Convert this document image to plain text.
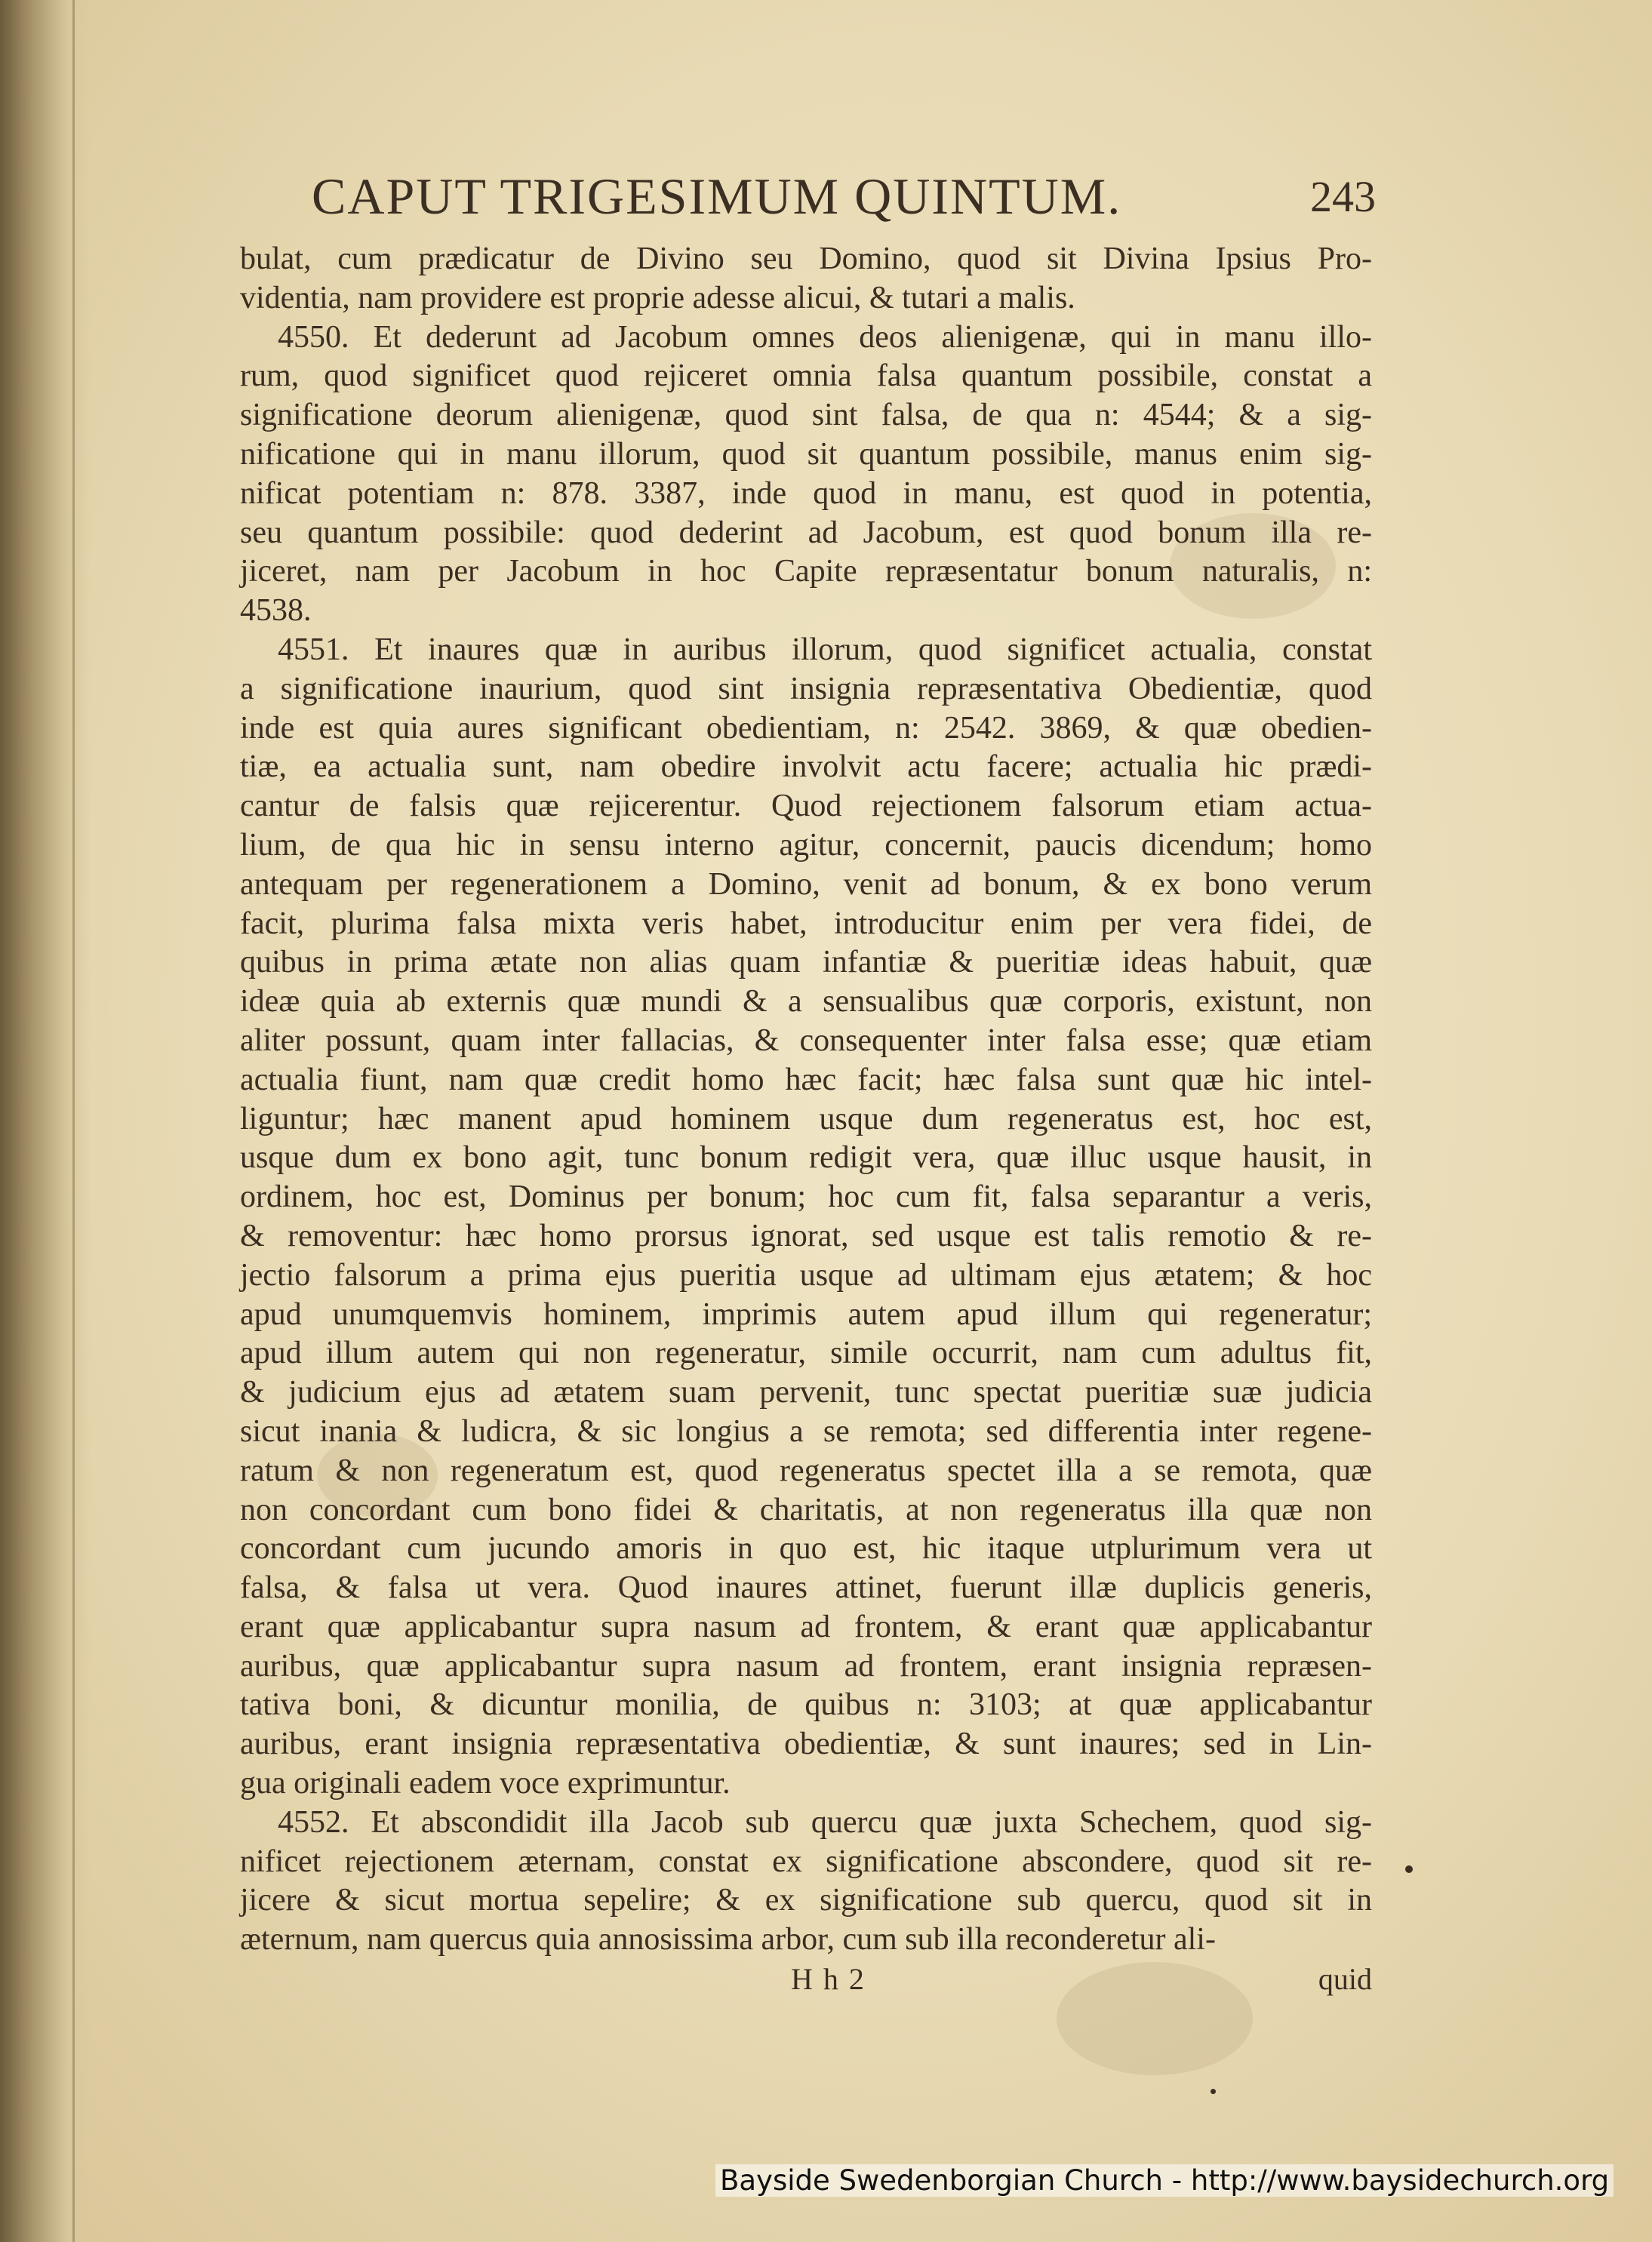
CAPUT TRIGESIMUM QUINTUM.	243

bulat, cum prædicatur de Divino seu Domino, quod sit Divina Ipsius Pro-

videntia, nam providere est proprie adesse alicui, & tutari a malis.

4550. Et dederunt ad Jacobum omnes deos alienigenæ, qui in manu illo-

rum, quod significet quod rejiceret omnia falsa quantum possibile, constat a

significatione deorum alienigenæ, quod sint falsa, de qua n: 4544; & a sig-

nificatione qui in manu illorum, quod sit quantum possibile, manus enim sig-

nificat potentiam n: 878. 3387, inde quod in manu, est quod in potentia,

seu quantum possibile: quod dederint ad Jacobum, est quod bonum illa re-

jiceret, nam per Jacobum in hoc Capite repræsentatur bonum naturalis, n:

4538.

4551. Et inaures quæ in auribus illorum, quod significet actualia, constat

a significatione inaurium, quod sint insignia repræsentativa Obedientiæ, quod

inde est quia aures significant obedientiam, n: 2542. 3869, & quæ obedien-

tiæ, ea actualia sunt, nam obedire involvit actu facere; actualia hic prædi-

cantur de falsis quæ rejicerentur. Quod rejectionem falsorum etiam actua-

lium, de qua hic in sensu interno agitur, concernit, paucis dicendum; homo

antequam per regenerationem a Domino, venit ad bonum, & ex bono verum

facit, plurima falsa mixta veris habet, introducitur enim per vera fidei, de

quibus in prima ætate non alias quam infantiæ & pueritiæ ideas habuit, quæ

ideæ quia ab externis quæ mundi & a sensualibus quæ corporis, existunt, non

aliter possunt, quam inter fallacias, & consequenter inter falsa esse; quæ etiam

actualia fiunt, nam quæ credit homo hæc facit; hæc falsa sunt quæ hic intel-

liguntur; hæc manent apud hominem usque dum regeneratus est, hoc est,

usque dum ex bono agit, tunc bonum redigit vera, quæ illuc usque hausit, in

ordinem, hoc est, Dominus per bonum; hoc cum fit, falsa separantur a veris,

& removentur: hæc homo prorsus ignorat, sed usque est talis remotio & re-

jectio falsorum a prima ejus pueritia usque ad ultimam ejus ætatem; & hoc

apud unumquemvis hominem, imprimis autem apud illum qui regeneratur;

apud illum autem qui non regeneratur, simile occurrit, nam cum adultus fit,

& judicium ejus ad ætatem suam pervenit, tunc spectat pueritiæ suæ judicia

sicut inania & ludicra, & sic longius a se remota; sed differentia inter regene-

ratum & non regeneratum est, quod regeneratus spectet illa a se remota, quæ

non concordant cum bono fidei & charitatis, at non regeneratus illa quæ non

concordant cum jucundo amoris in quo est, hic itaque utplurimum vera ut

falsa, & falsa ut vera. Quod inaures attinet, fuerunt illæ duplicis generis,

erant quæ applicabantur supra nasum ad frontem, & erant quæ applicabantur

auribus, quæ applicabantur supra nasum ad frontem, erant insignia repræsen-

tativa boni, & dicuntur monilia, de quibus n: 3103; at quæ applicabantur

auribus, erant insignia repræsentativa obedientiæ, & sunt inaures; sed in Lin-

gua originali eadem voce exprimuntur.

4552. Et abscondidit illa Jacob sub quercu quæ juxta Schechem, quod sig-

nificet rejectionem æternam, constat ex significatione abscondere, quod sit re-

jicere & sicut mortua sepelire; & ex significatione sub quercu, quod sit in

æternum, nam quercus quia annosissima arbor, cum sub illa reconderetur ali-

Hh2	quid
Bayside Swedenborgian Church - http://www.baysidechurch.org
